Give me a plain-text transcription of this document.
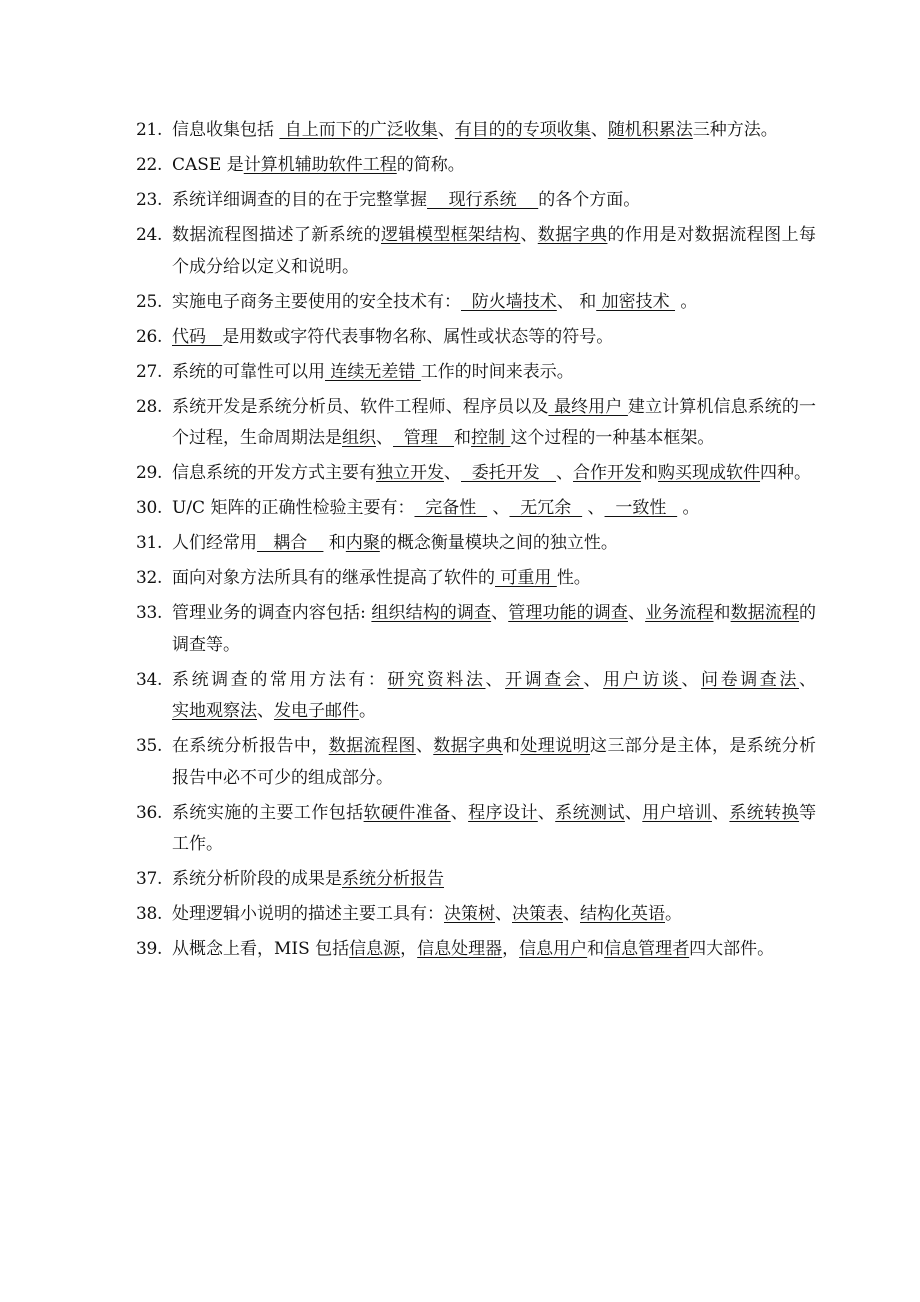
21. 信息收集包括  自上而下的广泛收集、有目的的专项收集、随机积累法三种方法。
22. CASE 是计算机辅助软件工程的简称。
23. 系统详细调查的目的在于完整掌握    现行系统    的各个方面。
24. 数据流程图描述了新系统的逻辑模型框架结构、数据字典的作用是对数据流程图上每个成分给以定义和说明。
25. 实施电子商务主要使用的安全技术有：  防火墙技术、 和 加密技术  。
26. 代码   是用数或字符代表事物名称、属性或状态等的符号。
27. 系统的可靠性可以用 连续无差错 工作的时间来表示。
28. 系统开发是系统分析员、软件工程师、程序员以及 最终用户 建立计算机信息系统的一个过程，生命周期法是组织、  管理   和控制 这个过程的一种基本框架。
29. 信息系统的开发方式主要有独立开发、  委托开发   、合作开发和购买现成软件四种。
30. U/C 矩阵的正确性检验主要有：  完备性   、  无冗余   、  一致性   。
31. 人们经常用   耦合    和内聚的概念衡量模块之间的独立性。
32. 面向对象方法所具有的继承性提高了软件的 可重用 性。
33. 管理业务的调查内容包括: 组织结构的调查、管理功能的调查、业务流程和数据流程的调查等。
34. 系统调查的常用方法有：研究资料法、开调查会、用户访谈、问卷调查法、实地观察法、发电子邮件。
35. 在系统分析报告中，数据流程图、数据字典和处理说明这三部分是主体，是系统分析报告中必不可少的组成部分。
36. 系统实施的主要工作包括软硬件准备、程序设计、系统测试、用户培训、系统转换等工作。
37. 系统分析阶段的成果是系统分析报告
38. 处理逻辑小说明的描述主要工具有：决策树、决策表、结构化英语。
39. 从概念上看，MIS 包括信息源，信息处理器，信息用户和信息管理者四大部件。
